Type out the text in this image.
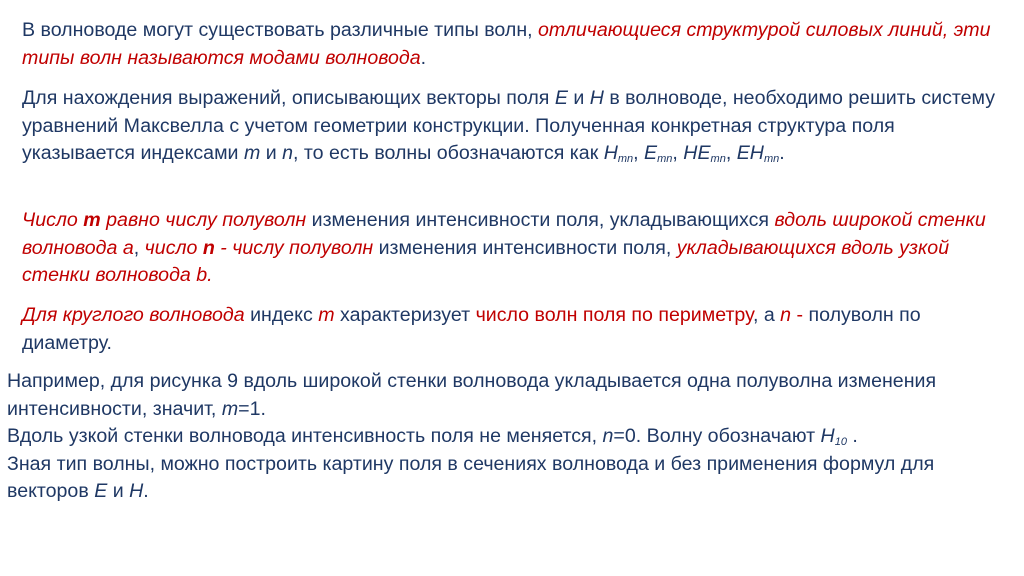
В волноводе могут существовать различные типы волн, отличающиеся структурой силовых линий, эти типы волн называются модами волновода.

Для нахождения выражений, описывающих векторы поля E и H в волноводе, необходимо решить систему уравнений Максвелла с учетом геометрии конструкции. Полученная конкретная структура поля указывается индексами m и n, то есть волны обозначаются как $H_{mn}$, $E_{mn}$, $HE_{mn}$, $EH_{mn}$.

Число m равно числу полуволн изменения интенсивности поля, укладывающихся вдоль широкой стенки волновода а, число n - числу полуволн изменения интенсивности поля, укладывающихся вдоль узкой стенки волновода b.

Для круглого волновода индекс m характеризует число волн поля по периметру, а n - полуволн по диаметру.

Например, для рисунка 9 вдоль широкой стенки волновода укладывается одна полуволна изменения интенсивности, значит, m=1.
Вдоль узкой стенки волновода интенсивность поля не меняется, n=0. Волну обозначают $H_{10}$ .
Зная тип волны, можно построить картину поля в сечениях волновода и без применения формул для векторов E и H.
